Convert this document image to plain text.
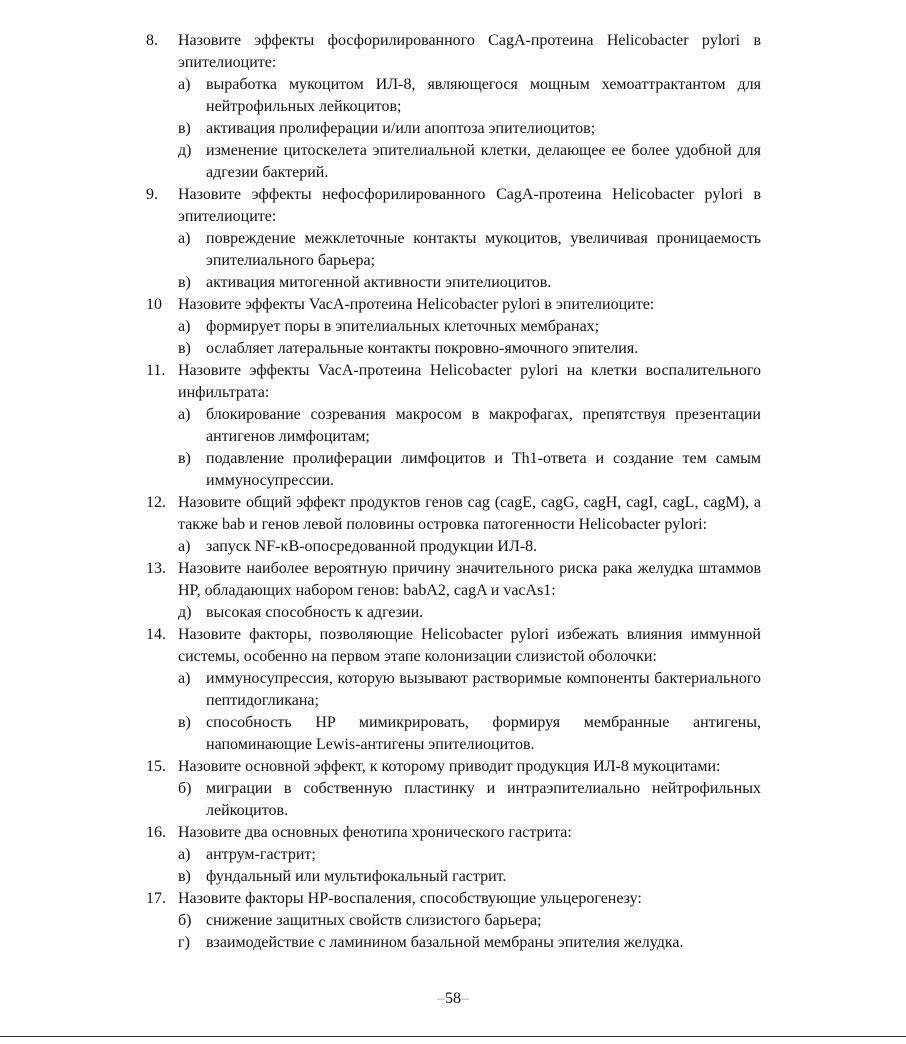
8.	Назовите эффекты фосфорилированного CagA-протеина Helicobacter pylori в эпителиоците:
а) выработка мукоцитом ИЛ-8, являющегося мощным хемоаттрактантом для нейтрофильных лейкоцитов;
в) активация пролиферации и/или апоптоза эпителиоцитов;
д) изменение цитоскелета эпителиальной клетки, делающее ее более удобной для адгезии бактерий.
9.	Назовите эффекты нефосфорилированного CagA-протеина Helicobacter pylori в эпителиоците:
а) повреждение межклеточные контакты мукоцитов, увеличивая проницаемость эпителиального барьера;
в) активация митогенной активности эпителиоцитов.
10	Назовите эффекты VacA-протеина Helicobacter pylori в эпителиоците:
а) формирует поры в эпителиальных клеточных мембранах;
в) ослабляет латеральные контакты покровно-ямочного эпителия.
11. Назовите эффекты VacA-протеина Helicobacter pylori на клетки воспалительного инфильтрата:
а) блокирование созревания макросом в макрофагах, препятствуя презентации антигенов лимфоцитам;
в) подавление пролиферации лимфоцитов и Th1-ответа и создание тем самым иммуносупрессии.
12. Назовите общий эффект продуктов генов cag (cagE, cagG, cagH, cagI, cagL, cagM), а также bab и генов левой половины островка патогенности Helicobacter pylori:
а) запуск NF-κB-опосредованной продукции ИЛ-8.
13. Назовите наиболее вероятную причину значительного риска рака желудка штаммов HP, обладающих набором генов: babA2, cagA и vacAs1:
д) высокая способность к адгезии.
14. Назовите факторы, позволяющие Helicobacter pylori избежать влияния иммунной системы, особенно на первом этапе колонизации слизистой оболочки:
а) иммуносупрессия, которую вызывают растворимые компоненты бактериального пептидогликана;
в) способность HP мимикрировать, формируя мембранные антигены, напоминающие Lewis-антигены эпителиоцитов.
15. Назовите основной эффект, к которому приводит продукция ИЛ-8 мукоцитами:
б) миграции в собственную пластинку и интраэпителиально нейтрофильных лейкоцитов.
16. Назовите два основных фенотипа хронического гастрита:
а) антрум-гастрит;
в) фундальный или мультифокальный гастрит.
17. Назовите факторы HP-воспаления, способствующие ульцерогенезу:
б) снижение защитных свойств слизистого барьера;
г)	взаимодействие с ламинином базальной мембраны эпителия желудка.
–58–
